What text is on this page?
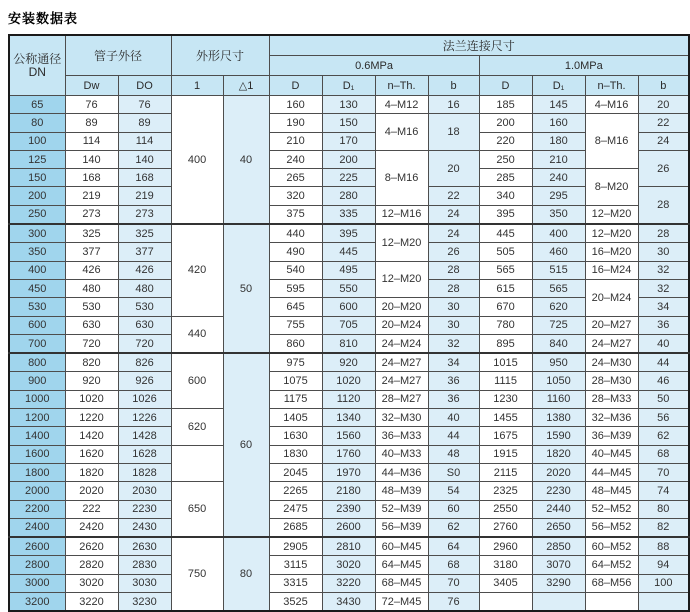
安装数据表
公称通径
DN	管子外径		外形尺寸		法兰连接尺寸							
					0.6MPa				1.0MPa			
	Dw	DO	1	△1	D	D₁	n–Th.	b	D	D₁	n–Th.	b
65	76	76	400	40	160	130	4–M12	16	185	145	4–M16	20
80	89	89			190	150	4–M16	18	200	160	8–M16	22
100	114	114			210	170			220	180		24
125	140	140			240	200	8–M16	20	250	210		26
150	168	168			265	225			285	240	8–M20	
200	219	219			320	280		22	340	295		28
250	273	273			375	335	12–M16	24	395	350	12–M20	
300	325	325	420	50	440	395	12–M20	24	445	400	12–M20	28
350	377	377			490	445		26	505	460	16–M20	30
400	426	426			540	495	12–M20	28	565	515	16–M24	32
450	480	480			595	550		28	615	565	20–M24	32
530	530	530			645	600	20–M20	30	670	620		34
600	630	630	440		755	705	20–M24	30	780	725	20–M27	36
700	720	720			860	810	24–M24	32	895	840	24–M27	40
800	820	826	600	60	975	920	24–M27	34	1015	950	24–M30	44
900	920	926			1075	1020	24–M27	36	1115	1050	28–M30	46
1000	1020	1026			1175	1120	28–M27	36	1230	1160	28–M33	50
1200	1220	1226	620		1405	1340	32–M30	40	1455	1380	32–M36	56
1400	1420	1428			1630	1560	36–M33	44	1675	1590	36–M39	62
1600	1620	1628			1830	1760	40–M33	48	1915	1820	40–M45	68
1800	1820	1828			2045	1970	44–M36	S0	2115	2020	44–M45	70
2000	2020	2030	650		2265	2180	48–M39	54	2325	2230	48–M45	74
2200	222	2230			2475	2390	52–M39	60	2550	2440	52–M52	80
2400	2420	2430			2685	2600	56–M39	62	2760	2650	56–M52	82
2600	2620	2630	750	80	2905	2810	60–M45	64	2960	2850	60–M52	88
2800	2820	2830			3115	3020	64–M45	68	3180	3070	64–M52	94
3000	3020	3030			3315	3220	68–M45	70	3405	3290	68–M56	100
3200	3220	3230			3525	3430	72–M45	76				
